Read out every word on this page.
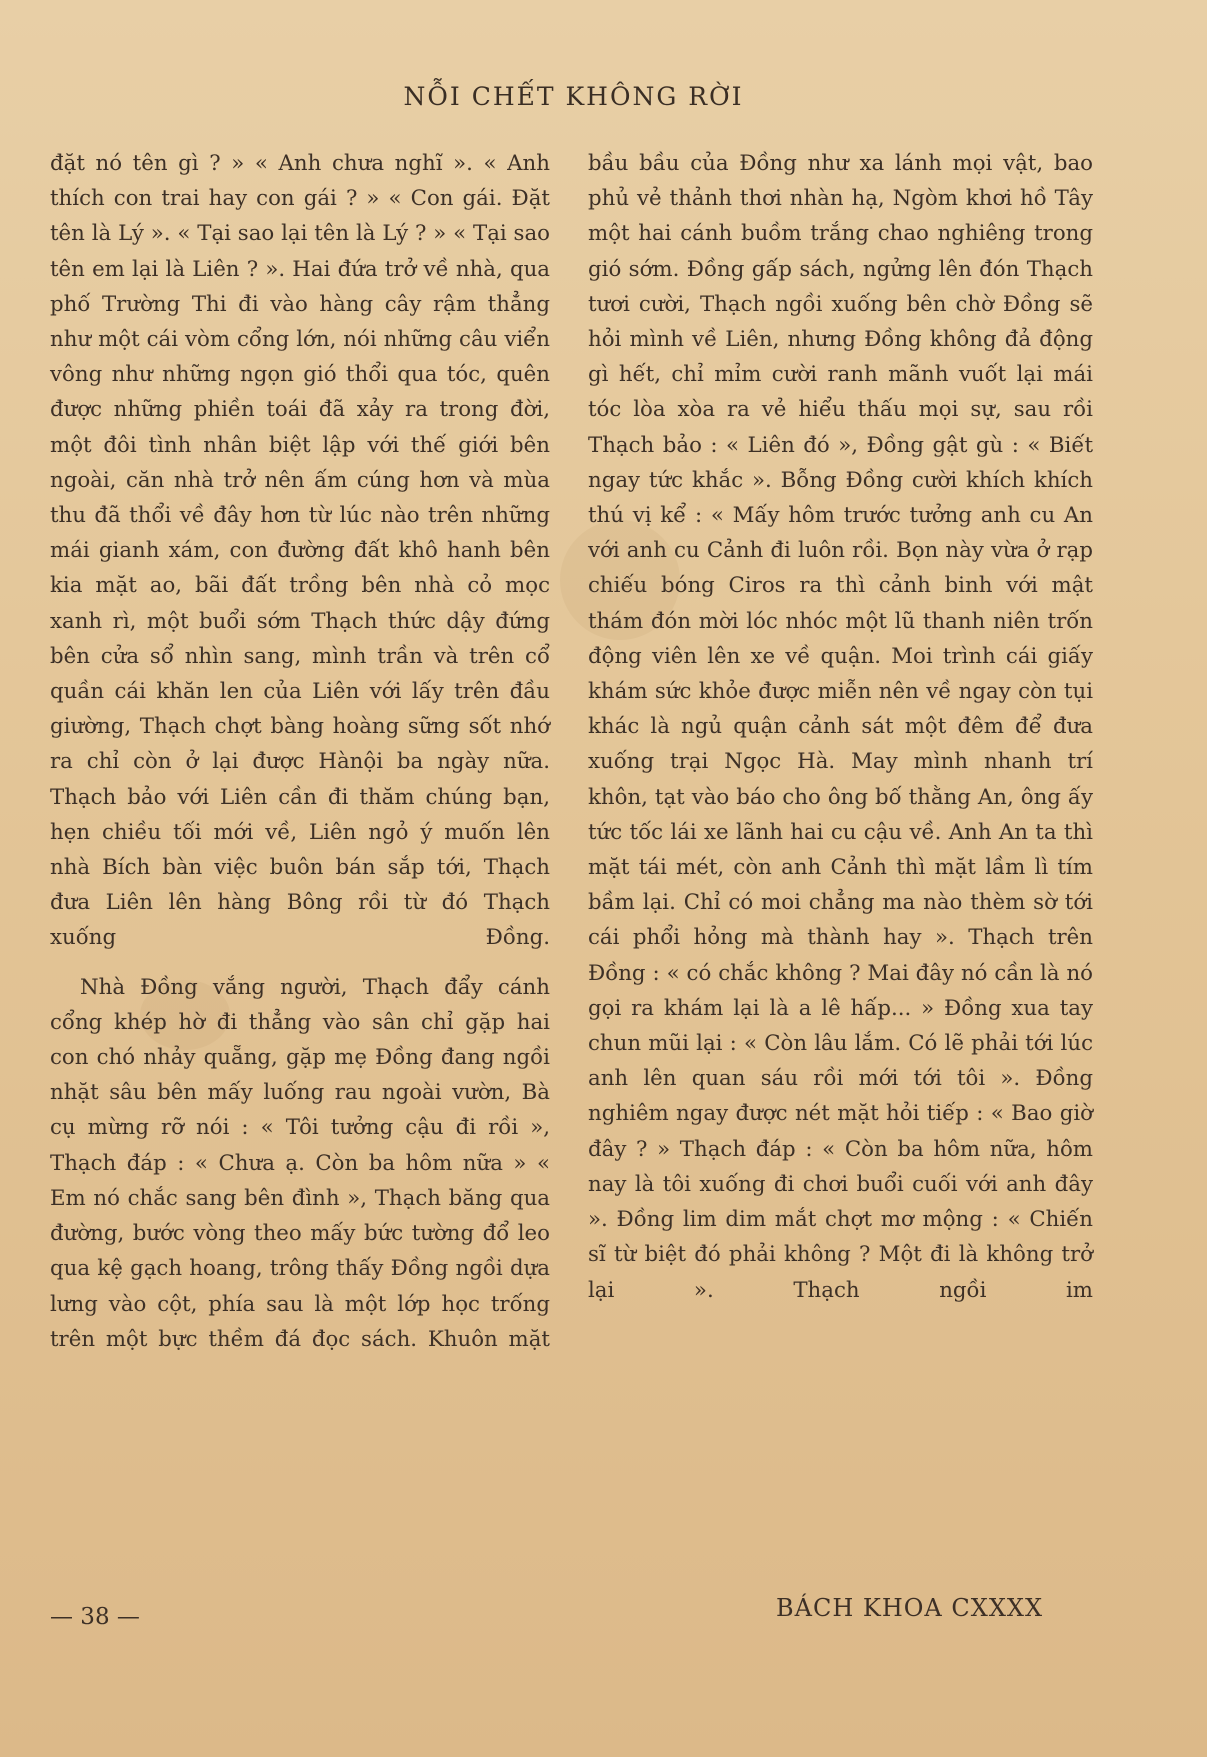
NỖI CHẾT KHÔNG RỜI

đặt nó tên gì ? » « Anh chưa nghĩ ». « Anh thích con trai hay con gái ? » « Con gái. Đặt tên là Lý ». « Tại sao lại tên là Lý ? » « Tại sao tên em lại là Liên ? ». Hai đứa trở về nhà, qua phố Trường Thi đi vào hàng cây rậm thẳng như một cái vòm cổng lớn, nói những câu viển vông như những ngọn gió thổi qua tóc, quên được những phiền toái đã xảy ra trong đời, một đôi tình nhân biệt lập với thế giới bên ngoài, căn nhà trở nên ấm cúng hơn và mùa thu đã thổi về đây hơn từ lúc nào trên những mái gianh xám, con đường đất khô hanh bên kia mặt ao, bãi đất trồng bên nhà cỏ mọc xanh rì, một buổi sớm Thạch thức dậy đứng bên cửa sổ nhìn sang, mình trần và trên cổ quần cái khăn len của Liên với lấy trên đầu giường, Thạch chợt bàng hoàng sững sốt nhớ ra chỉ còn ở lại được Hànội ba ngày nữa. Thạch bảo với Liên cần đi thăm chúng bạn, hẹn chiều tối mới về, Liên ngỏ ý muốn lên nhà Bích bàn việc buôn bán sắp tới, Thạch đưa Liên lên hàng Bông rồi từ đó Thạch xuống Đồng.

Nhà Đồng vắng người, Thạch đẩy cánh cổng khép hờ đi thẳng vào sân chỉ gặp hai con chó nhảy quẵng, gặp mẹ Đồng đang ngồi nhặt sâu bên mấy luống rau ngoài vườn, Bà cụ mừng rỡ nói : « Tôi tưởng cậu đi rồi », Thạch đáp : « Chưa ạ. Còn ba hôm nữa » « Em nó chắc sang bên đình », Thạch băng qua đường, bước vòng theo mấy bức tường đổ leo qua kệ gạch hoang, trông thấy Đồng ngồi dựa lưng vào cột, phía sau là một lớp học trống trên một bực thềm đá đọc sách. Khuôn mặt

bầu bầu của Đồng như xa lánh mọi vật, bao phủ vẻ thảnh thơi nhàn hạ, Ngòm khơi hồ Tây một hai cánh buồm trắng chao nghiêng trong gió sớm. Đồng gấp sách, ngửng lên đón Thạch tươi cười, Thạch ngồi xuống bên chờ Đồng sẽ hỏi mình về Liên, nhưng Đồng không đả động gì hết, chỉ mỉm cười ranh mãnh vuốt lại mái tóc lòa xòa ra vẻ hiểu thấu mọi sự, sau rồi Thạch bảo : « Liên đó », Đồng gật gù : « Biết ngay tức khắc ». Bỗng Đồng cười khích khích thú vị kể : « Mấy hôm trước tưởng anh cu An với anh cu Cảnh đi luôn rồi. Bọn này vừa ở rạp chiếu bóng Ciros ra thì cảnh binh với mật thám đón mời lóc nhóc một lũ thanh niên trốn động viên lên xe về quận. Moi trình cái giấy khám sức khỏe được miễn nên về ngay còn tụi khác là ngủ quận cảnh sát một đêm để đưa xuống trại Ngọc Hà. May mình nhanh trí khôn, tạt vào báo cho ông bố thằng An, ông ấy tức tốc lái xe lãnh hai cu cậu về. Anh An ta thì mặt tái mét, còn anh Cảnh thì mặt lầm lì tím bầm lại. Chỉ có moi chẳng ma nào thèm sờ tới cái phổi hỏng mà thành hay ». Thạch trên Đồng : « có chắc không ? Mai đây nó cần là nó gọi ra khám lại là a lê hấp... » Đồng xua tay chun mũi lại : « Còn lâu lắm. Có lẽ phải tới lúc anh lên quan sáu rồi mới tới tôi ». Đồng nghiêm ngay được nét mặt hỏi tiếp : « Bao giờ đây ? » Thạch đáp : « Còn ba hôm nữa, hôm nay là tôi xuống đi chơi buổi cuối với anh đây ». Đồng lim dim mắt chợt mơ mộng : « Chiến sĩ từ biệt đó phải không ? Một đi là không trở lại ». Thạch ngồi im

— 38 —	BÁCH KHOA CXXXX
